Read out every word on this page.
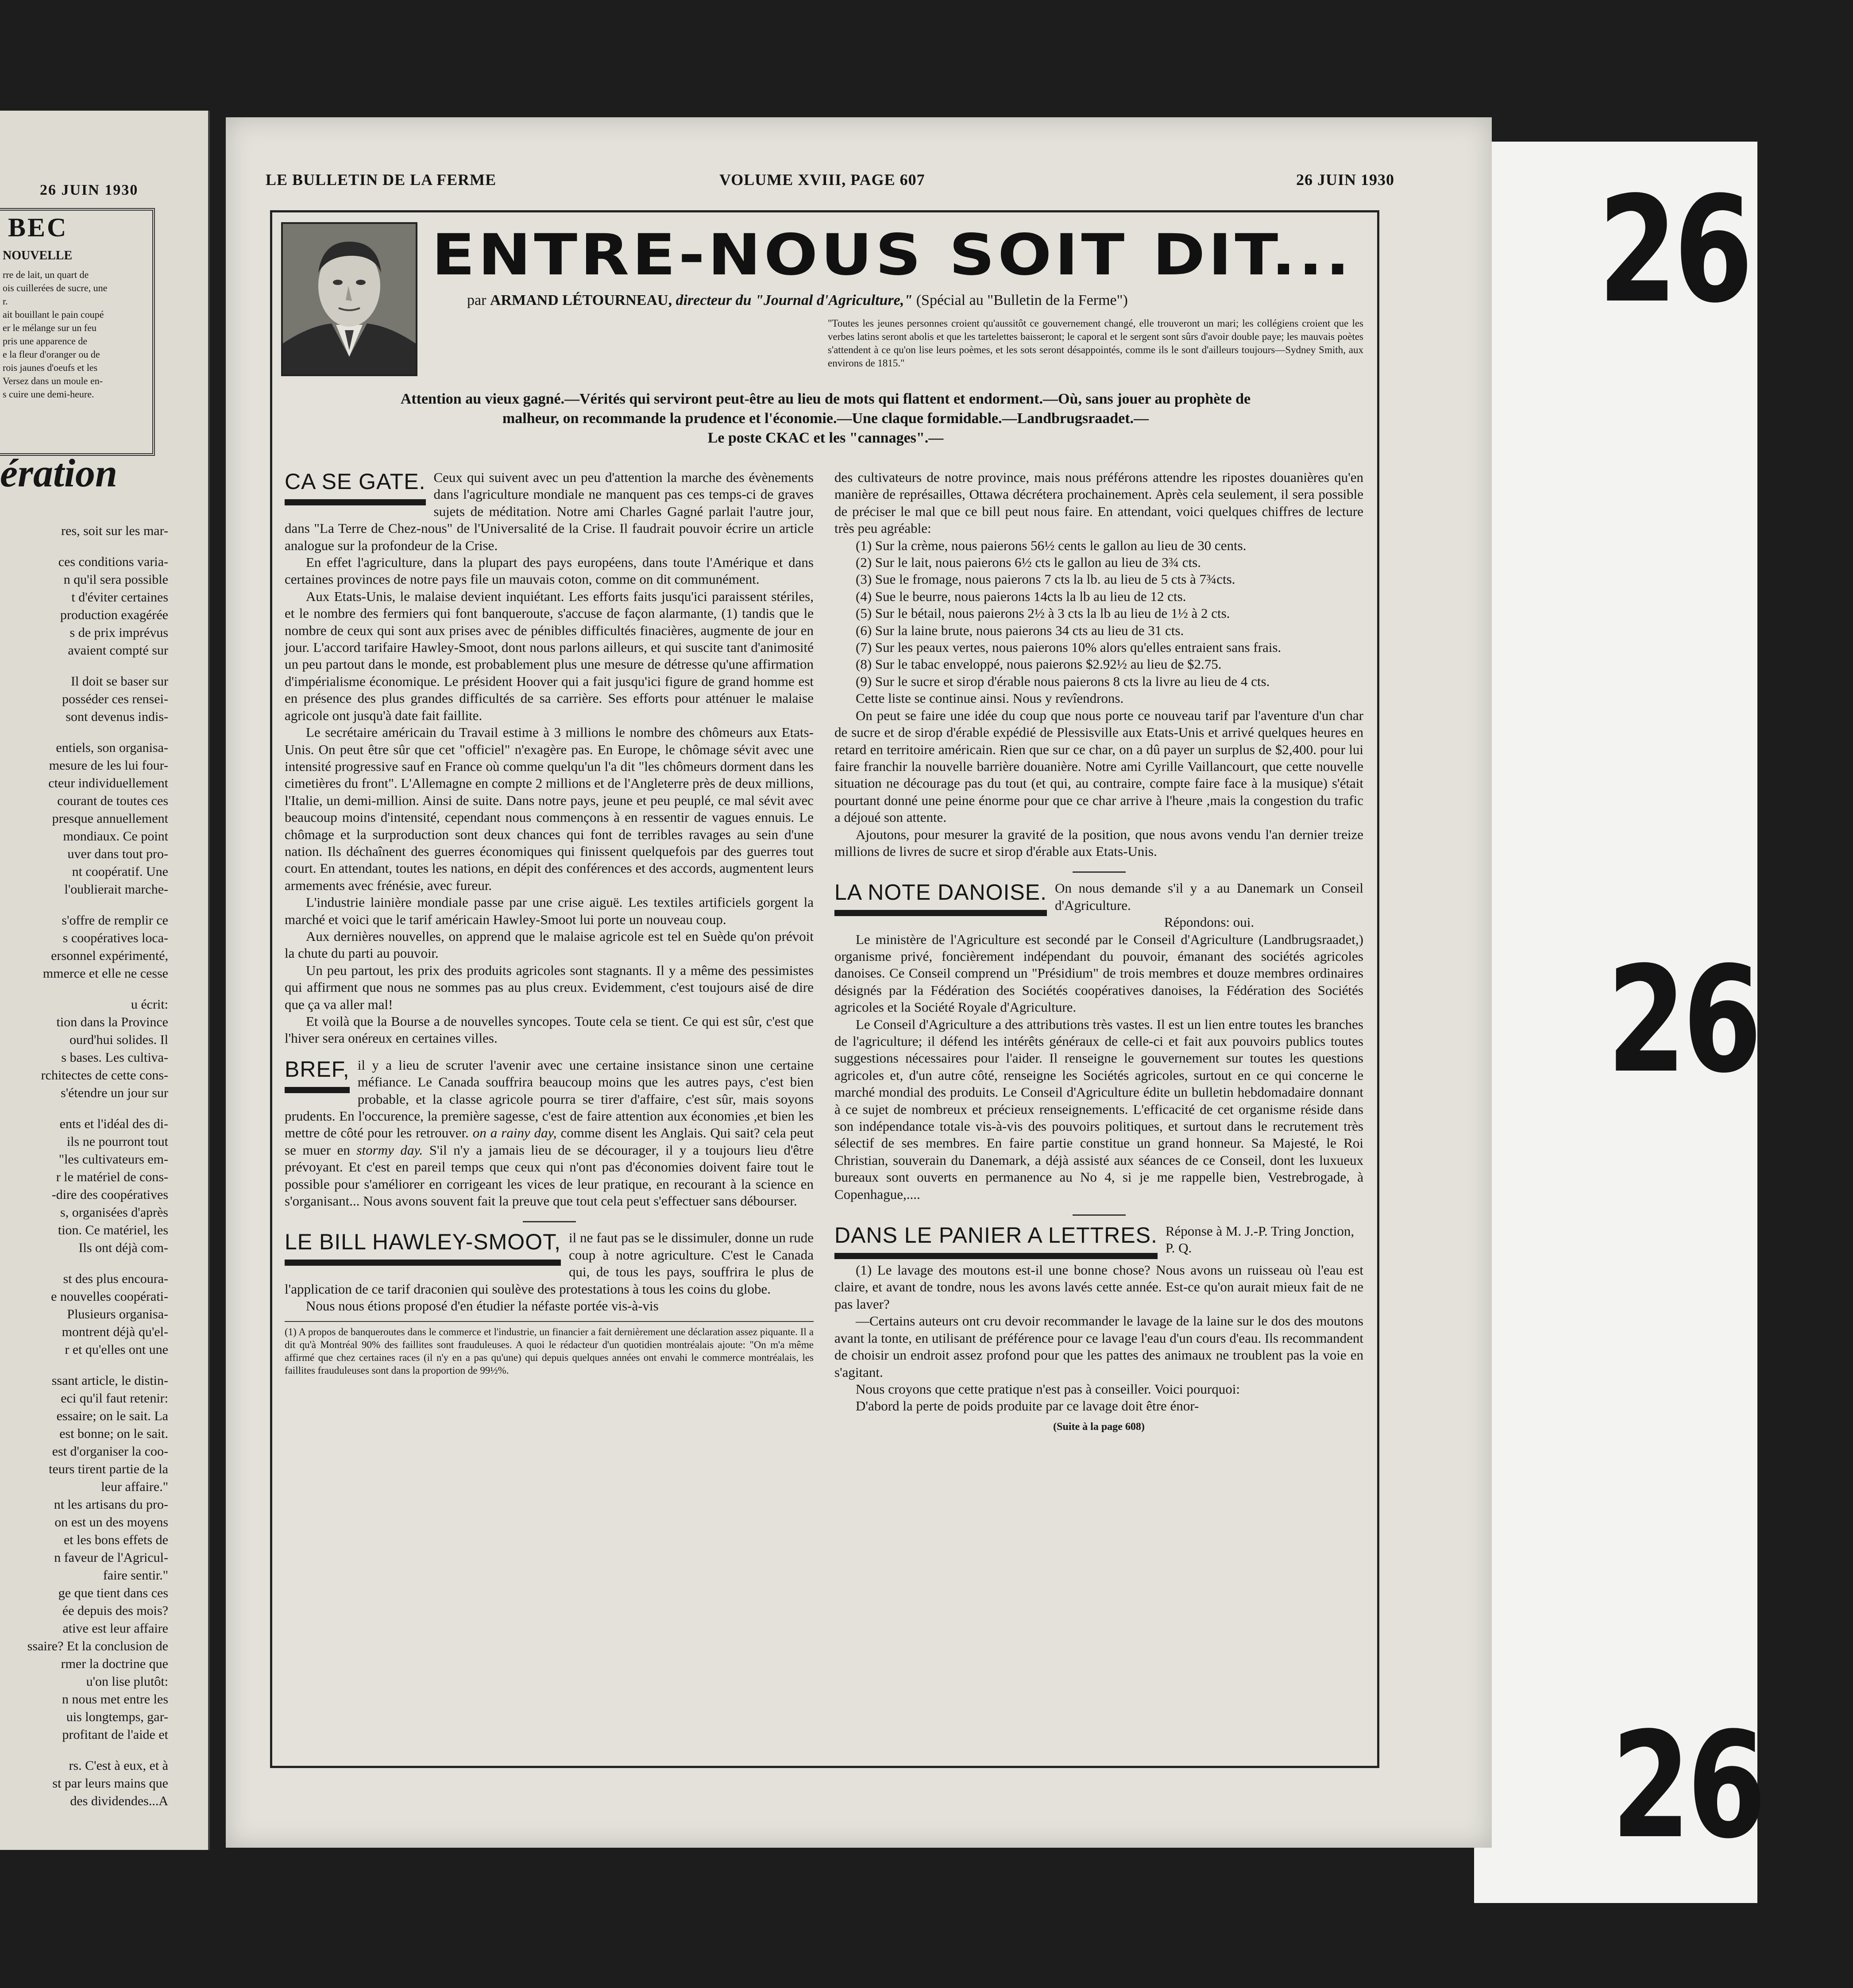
26 JUIN 1930
BEC
NOUVELLE
rre de lait, un quart de
ois cuillerées de sucre, une
r.
ait bouillant le pain coupé
er le mélange sur un feu
pris une apparence de
e la fleur d'oranger ou de
rois jaunes d'oeufs et les
Versez dans un moule en-
s cuire une demi-heure.
ération
res, soit sur les mar-
ces conditions varia-
n qu'il sera possible
t d'éviter certaines
production exagérée
s de prix imprévus
avaient compté sur
Il doit se baser sur
posséder ces rensei-
sont devenus indis-
entiels, son organisa-
mesure de les lui four-
cteur individuellement
courant de toutes ces
presque annuellement
mondiaux. Ce point
uver dans tout pro-
nt coopératif. Une
l'oublierait marche-
s'offre de remplir ce
s coopératives loca-
ersonnel expérimenté,
mmerce et elle ne cesse
u écrit:
tion dans la Province
ourd'hui solides. Il
s bases. Les cultiva-
rchitectes de cette cons-
s'étendre un jour sur
ents et l'idéal des di-
ils ne pourront tout
"les cultivateurs em-
r le matériel de cons-
-dire des coopératives
s, organisées d'après
tion. Ce matériel, les
Ils ont déjà com-
st des plus encoura-
e nouvelles coopérati-
Plusieurs organisa-
montrent déjà qu'el-
r et qu'elles ont une
ssant article, le distin-
eci qu'il faut retenir:
essaire; on le sait. La
est bonne; on le sait.
est d'organiser la coo-
teurs tirent partie de la
leur affaire."
nt les artisans du pro-
on est un des moyens
et les bons effets de
n faveur de l'Agricul-
faire sentir."
ge que tient dans ces
ée depuis des mois?
ative est leur affaire
ssaire? Et la conclusion de
rmer la doctrine que
u'on lise plutôt:
n nous met entre les
uis longtemps, gar-
profitant de l'aide et
rs. C'est à eux, et à
st par leurs mains que
des dividendes...A
26
26
26
LE BULLETIN DE LA FERME	VOLUME XVIII, PAGE 607	26 JUIN 1930
ENTRE-NOUS SOIT DIT...
par ARMAND LÉTOURNEAU, directeur du "Journal d'Agriculture," (Spécial au "Bulletin de la Ferme")
"Toutes les jeunes personnes croient qu'aussitôt ce gouvernement changé, elle trouveront un mari; les collégiens croient que les verbes latins seront abolis et que les tartelettes baisseront; le caporal et le sergent sont sûrs d'avoir double paye; les mauvais poètes s'attendent à ce qu'on lise leurs poèmes, et les sots seront désappointés, comme ils le sont d'ailleurs toujours—Sydney Smith, aux environs de 1815."
Attention au vieux gagné.—Vérités qui serviront peut-être au lieu de mots qui flattent et endorment.—Où, sans jouer au prophète de
malheur, on recommande la prudence et l'économie.—Une claque formidable.—Landbrugsraadet.—
Le poste CKAC et les "cannages".—
CA SE GATE. Ceux qui suivent avec un peu d'attention la marche des évènements dans l'agriculture mondiale ne manquent pas ces temps-ci de graves sujets de méditation. Notre ami Charles Gagné parlait l'autre jour, dans "La Terre de Chez-nous" de l'Universalité de la Crise. Il faudrait pouvoir écrire un article analogue sur la profondeur de la Crise.

En effet l'agriculture, dans la plupart des pays européens, dans toute l'Amérique et dans certaines provinces de notre pays file un mauvais coton, comme on dit communément.

Aux Etats-Unis, le malaise devient inquiétant. Les efforts faits jusqu'ici paraissent stériles, et le nombre des fermiers qui font banqueroute, s'accuse de façon alarmante, (1) tandis que le nombre de ceux qui sont aux prises avec de pénibles difficultés finacières, augmente de jour en jour. L'accord tarifaire Hawley-Smoot, dont nous parlons ailleurs, et qui suscite tant d'animosité un peu partout dans le monde, est probablement plus une mesure de détresse qu'une affirmation d'impérialisme économique. Le président Hoover qui a fait jusqu'ici figure de grand homme est en présence des plus grandes difficultés de sa carrière. Ses efforts pour atténuer le malaise agricole ont jusqu'à date fait faillite.

Le secrétaire américain du Travail estime à 3 millions le nombre des chômeurs aux Etats-Unis. On peut être sûr que cet "officiel" n'exagère pas. En Europe, le chômage sévit avec une intensité progressive sauf en France où comme quelqu'un l'a dit "les chômeurs dorment dans les cimetières du front". L'Allemagne en compte 2 millions et de l'Angleterre près de deux millions, l'Italie, un demi-million. Ainsi de suite. Dans notre pays, jeune et peu peuplé, ce mal sévit avec beaucoup moins d'intensité, cependant nous commençons à en ressentir de vagues ennuis. Le chômage et la surproduction sont deux chances qui font de terribles ravages au sein d'une nation. Ils déchaînent des guerres économiques qui finissent quelquefois par des guerres tout court. En attendant, toutes les nations, en dépit des conférences et des accords, augmentent leurs armements avec frénésie, avec fureur.

L'industrie lainière mondiale passe par une crise aiguë. Les textiles artificiels gorgent la marché et voici que le tarif américain Hawley-Smoot lui porte un nouveau coup.

Aux dernières nouvelles, on apprend que le malaise agricole est tel en Suède qu'on prévoit la chute du parti au pouvoir.

Un peu partout, les prix des produits agricoles sont stagnants. Il y a même des pessimistes qui affirment que nous ne sommes pas au plus creux. Evidemment, c'est toujours aisé de dire que ça va aller mal!

Et voilà que la Bourse a de nouvelles syncopes. Toute cela se tient. Ce qui est sûr, c'est que l'hiver sera onéreux en certaines villes.

BREF, il y a lieu de scruter l'avenir avec une certaine insistance sinon une certaine méfiance. Le Canada souffrira beaucoup moins que les autres pays, c'est bien probable, et la classe agricole pourra se tirer d'affaire, c'est sûr, mais soyons prudents. En l'occurence, la première sagesse, c'est de faire attention aux économies ,et bien les mettre de côté pour les retrouver. on a rainy day, comme disent les Anglais. Qui sait? cela peut se muer en stormy day. S'il n'y a jamais lieu de se décourager, il y a toujours lieu d'être prévoyant. Et c'est en pareil temps que ceux qui n'ont pas d'économies doivent faire tout le possible pour s'améliorer en corrigeant les vices de leur pratique, en recourant à la science en s'organisant... Nous avons souvent fait la preuve que tout cela peut s'effectuer sans débourser.

LE BILL HAWLEY-SMOOT, il ne faut pas se le dissimuler, donne un rude coup à notre agriculture. C'est le Canada qui, de tous les pays, souffrira le plus de l'application de ce tarif draconien qui soulève des protestations à tous les coins du globe.

Nous nous étions proposé d'en étudier la néfaste portée vis-à-vis

(1) A propos de banqueroutes dans le commerce et l'industrie, un financier a fait dernièrement une déclaration assez piquante. Il a dit qu'à Montréal 90% des faillites sont frauduleuses. A quoi le rédacteur d'un quotidien montréalais ajoute: "On m'a même affirmé que chez certaines races (il n'y en a pas qu'une) qui depuis quelques années ont envahi le commerce montréalais, les faillites frauduleuses sont dans la proportion de 99½%.

des cultivateurs de notre province, mais nous préférons attendre les ripostes douanières qu'en manière de représailles, Ottawa décrétera prochainement. Après cela seulement, il sera possible de préciser le mal que ce bill peut nous faire. En attendant, voici quelques chiffres de lecture très peu agréable:

(1) Sur la crème, nous paierons 56½ cents le gallon au lieu de 30 cents.

(2) Sur le lait, nous paierons 6½ cts le gallon au lieu de 3¾ cts.

(3) Sue le fromage, nous paierons 7 cts la lb. au lieu de 5 cts à 7¾cts.

(4) Sue le beurre, nous paierons 14cts la lb au lieu de 12 cts.

(5) Sur le bétail, nous paierons 2½ à 3 cts la lb au lieu de 1½ à 2 cts.

(6) Sur la laine brute, nous paierons 34 cts au lieu de 31 cts.

(7) Sur les peaux vertes, nous paierons 10% alors qu'elles entraient sans frais.

(8) Sur le tabac enveloppé, nous paierons $2.92½ au lieu de $2.75.

(9) Sur le sucre et sirop d'érable nous paierons 8 cts la livre au lieu de 4 cts.

Cette liste se continue ainsi. Nous y revîendrons.

On peut se faire une idée du coup que nous porte ce nouveau tarif par l'aventure d'un char de sucre et de sirop d'érable expédié de Plessisville aux Etats-Unis et arrivé quelques heures en retard en territoire américain. Rien que sur ce char, on a dû payer un surplus de $2,400. pour lui faire franchir la nouvelle barrière douanière. Notre ami Cyrille Vaillancourt, que cette nouvelle situation ne décourage pas du tout (et qui, au contraire, compte faire face à la musique) s'était pourtant donné une peine énorme pour que ce char arrive à l'heure ,mais la congestion du trafic a déjoué son attente.

Ajoutons, pour mesurer la gravité de la position, que nous avons vendu l'an dernier treize millions de livres de sucre et sirop d'érable aux Etats-Unis.

LA NOTE DANOISE. On nous demande s'il y a au Danemark un Conseil d'Agriculture.

Répondons: oui.

Le ministère de l'Agriculture est secondé par le Conseil d'Agriculture (Landbrugsraadet,) organisme privé, foncièrement indépendant du pouvoir, émanant des sociétés agricoles danoises. Ce Conseil comprend un "Présidium" de trois membres et douze membres ordinaires désignés par la Fédération des Sociétés coopératives danoises, la Fédération des Sociétés agricoles et la Société Royale d'Agriculture.

Le Conseil d'Agriculture a des attributions très vastes. Il est un lien entre toutes les branches de l'agriculture; il défend les intérêts généraux de celle-ci et fait aux pouvoirs publics toutes suggestions nécessaires pour l'aider. Il renseigne le gouvernement sur toutes les questions agricoles et, d'un autre côté, renseigne les Sociétés agricoles, surtout en ce qui concerne le marché mondial des produits. Le Conseil d'Agriculture édite un bulletin hebdomadaire donnant à ce sujet de nombreux et précieux renseignements. L'efficacité de cet organisme réside dans son indépendance totale vis-à-vis des pouvoirs politiques, et surtout dans le recrutement très sélectif de ses membres. En faire partie constitue un grand honneur. Sa Majesté, le Roi Christian, souverain du Danemark, a déjà assisté aux séances de ce Conseil, dont les luxueux bureaux sont ouverts en permanence au No 4, si je me rappelle bien, Vestrebrogade, à Copenhague,....

DANS LE PANIER A LETTRES. Réponse à M. J.-P. Tring Jonction, P. Q.

(1) Le lavage des moutons est-il une bonne chose? Nous avons un ruisseau où l'eau est claire, et avant de tondre, nous les avons lavés cette année. Est-ce qu'on aurait mieux fait de ne pas laver?

—Certains auteurs ont cru devoir recommander le lavage de la laine sur le dos des moutons avant la tonte, en utilisant de préférence pour ce lavage l'eau d'un cours d'eau. Ils recommandent de choisir un endroit assez profond pour que les pattes des animaux ne troublent pas la voie en s'agitant.

Nous croyons que cette pratique n'est pas à conseiller. Voici pourquoi:

D'abord la perte de poids produite par ce lavage doit être énor-

(Suite à la page 608)
